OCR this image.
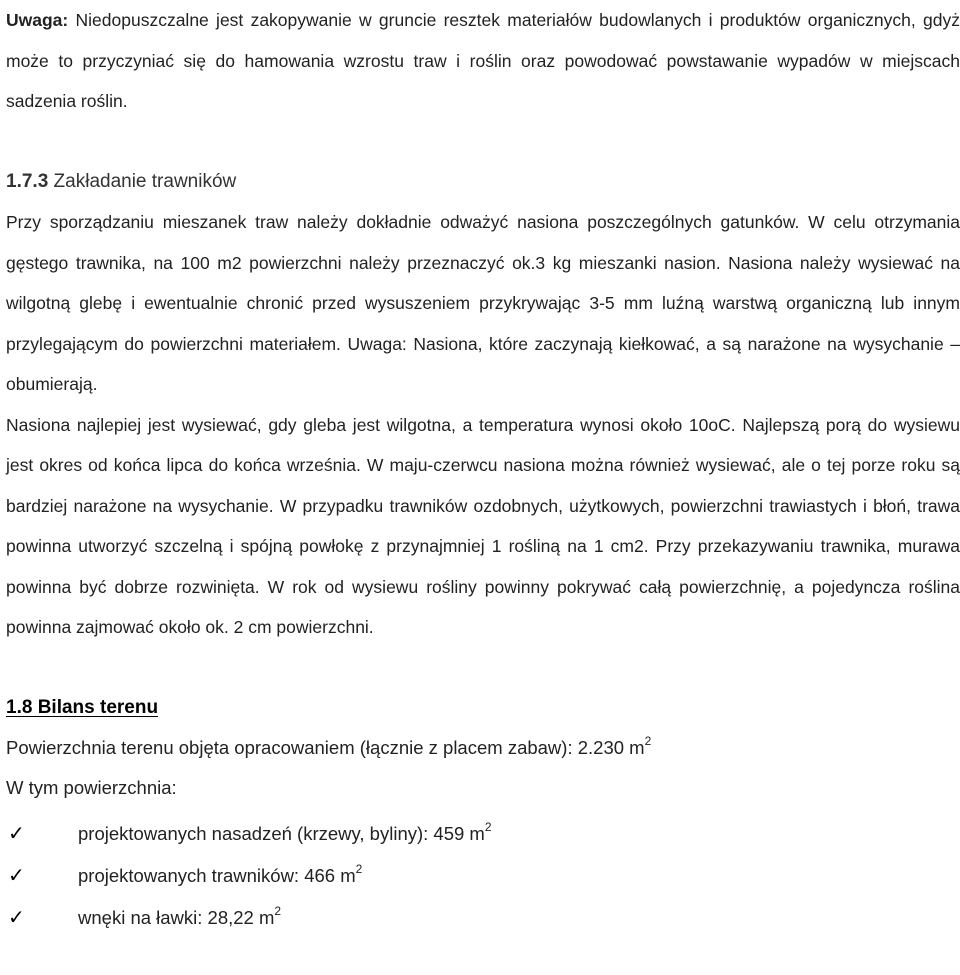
Uwaga: Niedopuszczalne jest zakopywanie w gruncie resztek materiałów budowlanych i produktów organicznych, gdyż może to przyczyniać się do hamowania wzrostu traw i roślin oraz powodować powstawanie wypadów w miejscach sadzenia roślin.

1.7.3 Zakładanie trawników

Przy sporządzaniu mieszanek traw należy dokładnie odważyć nasiona poszczególnych gatunków. W celu otrzymania gęstego trawnika, na 100 m2 powierzchni należy przeznaczyć ok.3 kg mieszanki nasion. Nasiona należy wysiewać na wilgotną glebę i ewentualnie chronić przed wysuszeniem przykrywając 3-5 mm luźną warstwą organiczną lub innym przylegającym do powierzchni materiałem. Uwaga: Nasiona, które zaczynają kiełkować, a są narażone na wysychanie – obumierają.

Nasiona najlepiej jest wysiewać, gdy gleba jest wilgotna, a temperatura wynosi około 10oC. Najlepszą porą do wysiewu jest okres od końca lipca do końca września. W maju-czerwcu nasiona można również wysiewać, ale o tej porze roku są bardziej narażone na wysychanie. W przypadku trawników ozdobnych, użytkowych, powierzchni trawiastych i błoń, trawa powinna utworzyć szczelną i spójną powłokę z przynajmniej 1 rośliną na 1 cm2. Przy przekazywaniu trawnika, murawa powinna być dobrze rozwinięta. W rok od wysiewu rośliny powinny pokrywać całą powierzchnię, a pojedyncza roślina powinna zajmować około ok. 2 cm powierzchni.

1.8 Bilans terenu

Powierzchnia terenu objęta opracowaniem (łącznie z placem zabaw): 2.230 $m^2$

W tym powierzchnia:

✓	projektowanych nasadzeń (krzewy, byliny): 459 $m^2$
✓	projektowanych trawników: 466 $m^2$
✓	wnęki na ławki: 28,22 $m^2$
